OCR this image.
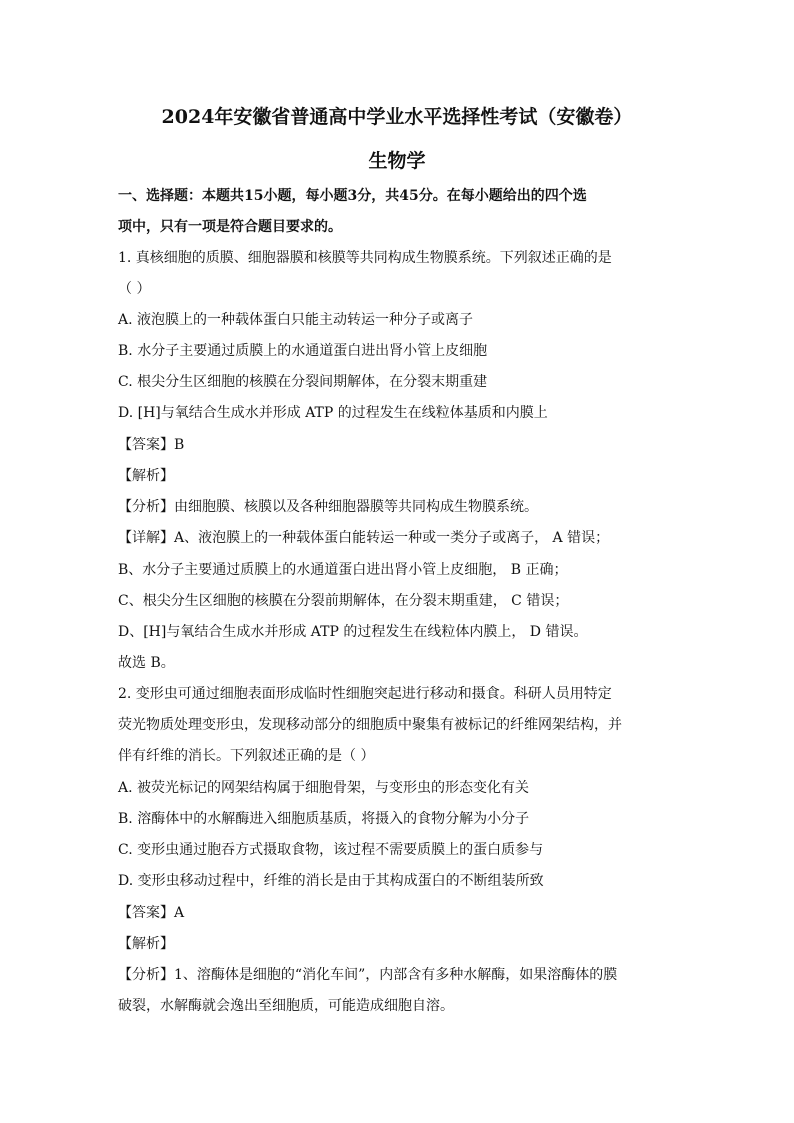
2024年安徽省普通高中学业水平选择性考试（安徽卷）
生物学
一、选择题：本题共15小题，每小题3分，共45分。在每小题给出的四个选
项中，只有一项是符合题目要求的。
1. 真核细胞的质膜、细胞器膜和核膜等共同构成生物膜系统。下列叙述正确的是
（ ）
A. 液泡膜上的一种载体蛋白只能主动转运一种分子或离子
B. 水分子主要通过质膜上的水通道蛋白进出肾小管上皮细胞
C. 根尖分生区细胞的核膜在分裂间期解体，在分裂末期重建
D. [H]与氧结合生成水并形成 ATP 的过程发生在线粒体基质和内膜上
【答案】B
【解析】
【分析】由细胞膜、核膜以及各种细胞器膜等共同构成生物膜系统。
【详解】A、液泡膜上的一种载体蛋白能转运一种或一类分子或离子， A 错误；
B、水分子主要通过质膜上的水通道蛋白进出肾小管上皮细胞， B 正确；
C、根尖分生区细胞的核膜在分裂前期解体，在分裂末期重建， C 错误；
D、[H]与氧结合生成水并形成 ATP 的过程发生在线粒体内膜上， D 错误。
故选 B。
2. 变形虫可通过细胞表面形成临时性细胞突起进行移动和摄食。科研人员用特定
荧光物质处理变形虫，发现移动部分的细胞质中聚集有被标记的纤维网架结构，并
伴有纤维的消长。下列叙述正确的是（ ）
A. 被荧光标记的网架结构属于细胞骨架，与变形虫的形态变化有关
B. 溶酶体中的水解酶进入细胞质基质，将摄入的食物分解为小分子
C. 变形虫通过胞吞方式摄取食物，该过程不需要质膜上的蛋白质参与
D. 变形虫移动过程中，纤维的消长是由于其构成蛋白的不断组装所致
【答案】A
【解析】
【分析】1、溶酶体是细胞的“消化车间”，内部含有多种水解酶，如果溶酶体的膜
破裂，水解酶就会逸出至细胞质，可能造成细胞自溶。
